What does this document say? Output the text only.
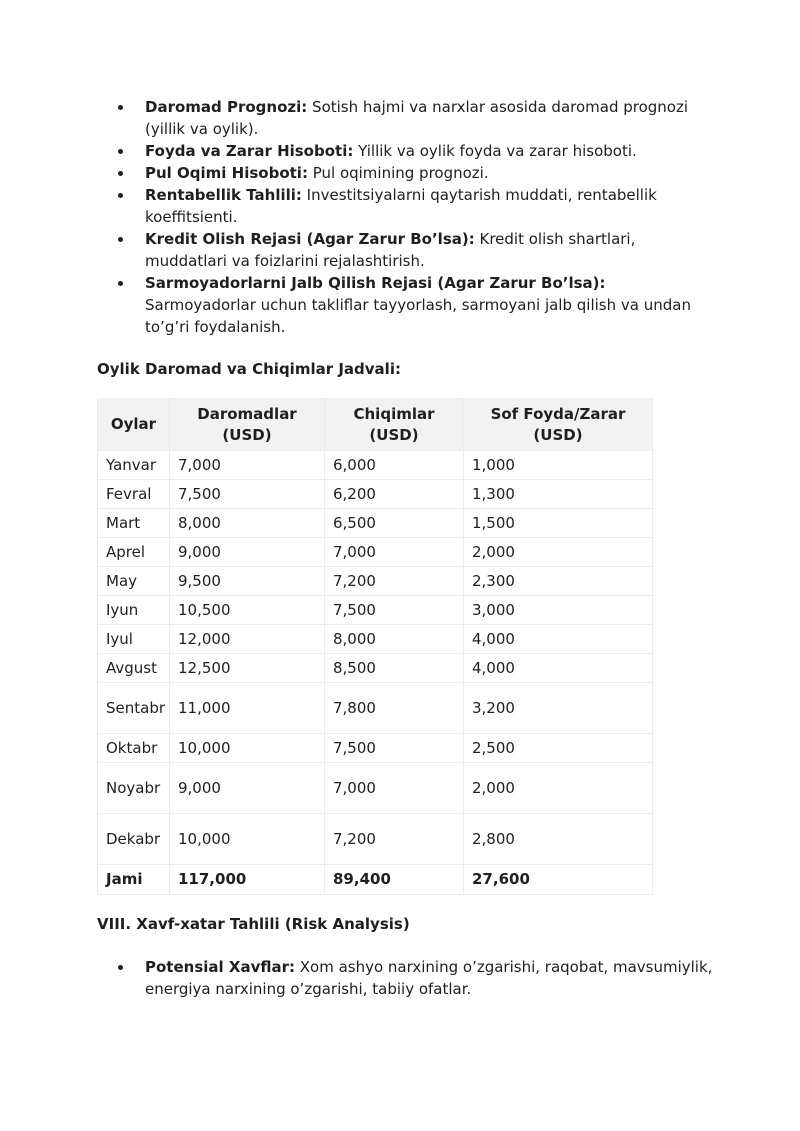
Daromad Prognozi: Sotish hajmi va narxlar asosida daromad prognozi (yillik va oylik).
Foyda va Zarar Hisoboti: Yillik va oylik foyda va zarar hisoboti.
Pul Oqimi Hisoboti: Pul oqimining prognozi.
Rentabellik Tahlili: Investitsiyalarni qaytarish muddati, rentabellik koeffitsienti.
Kredit Olish Rejasi (Agar Zarur Bo’lsa): Kredit olish shartlari, muddatlari va foizlarini rejalashtirish.
Sarmoyadorlarni Jalb Qilish Rejasi (Agar Zarur Bo’lsa): Sarmoyadorlar uchun takliflar tayyorlash, sarmoyani jalb qilish va undan to’g’ri foydalanish.
Oylik Daromad va Chiqimlar Jadvali:
Oylar	Daromadlar (USD)	Chiqimlar (USD)	Sof Foyda/Zarar (USD)
Yanvar	7,000	6,000	1,000
Fevral	7,500	6,200	1,300
Mart	8,000	6,500	1,500
Aprel	9,000	7,000	2,000
May	9,500	7,200	2,300
Iyun	10,500	7,500	3,000
Iyul	12,000	8,000	4,000
Avgust	12,500	8,500	4,000
Sentabr	11,000	7,800	3,200
Oktabr	10,000	7,500	2,500
Noyabr	9,000	7,000	2,000
Dekabr	10,000	7,200	2,800
Jami	117,000	89,400	27,600
VIII. Xavf-xatar Tahlili (Risk Analysis)
Potensial Xavflar: Xom ashyo narxining o’zgarishi, raqobat, mavsumiylik, energiya narxining o’zgarishi, tabiiy ofatlar.
